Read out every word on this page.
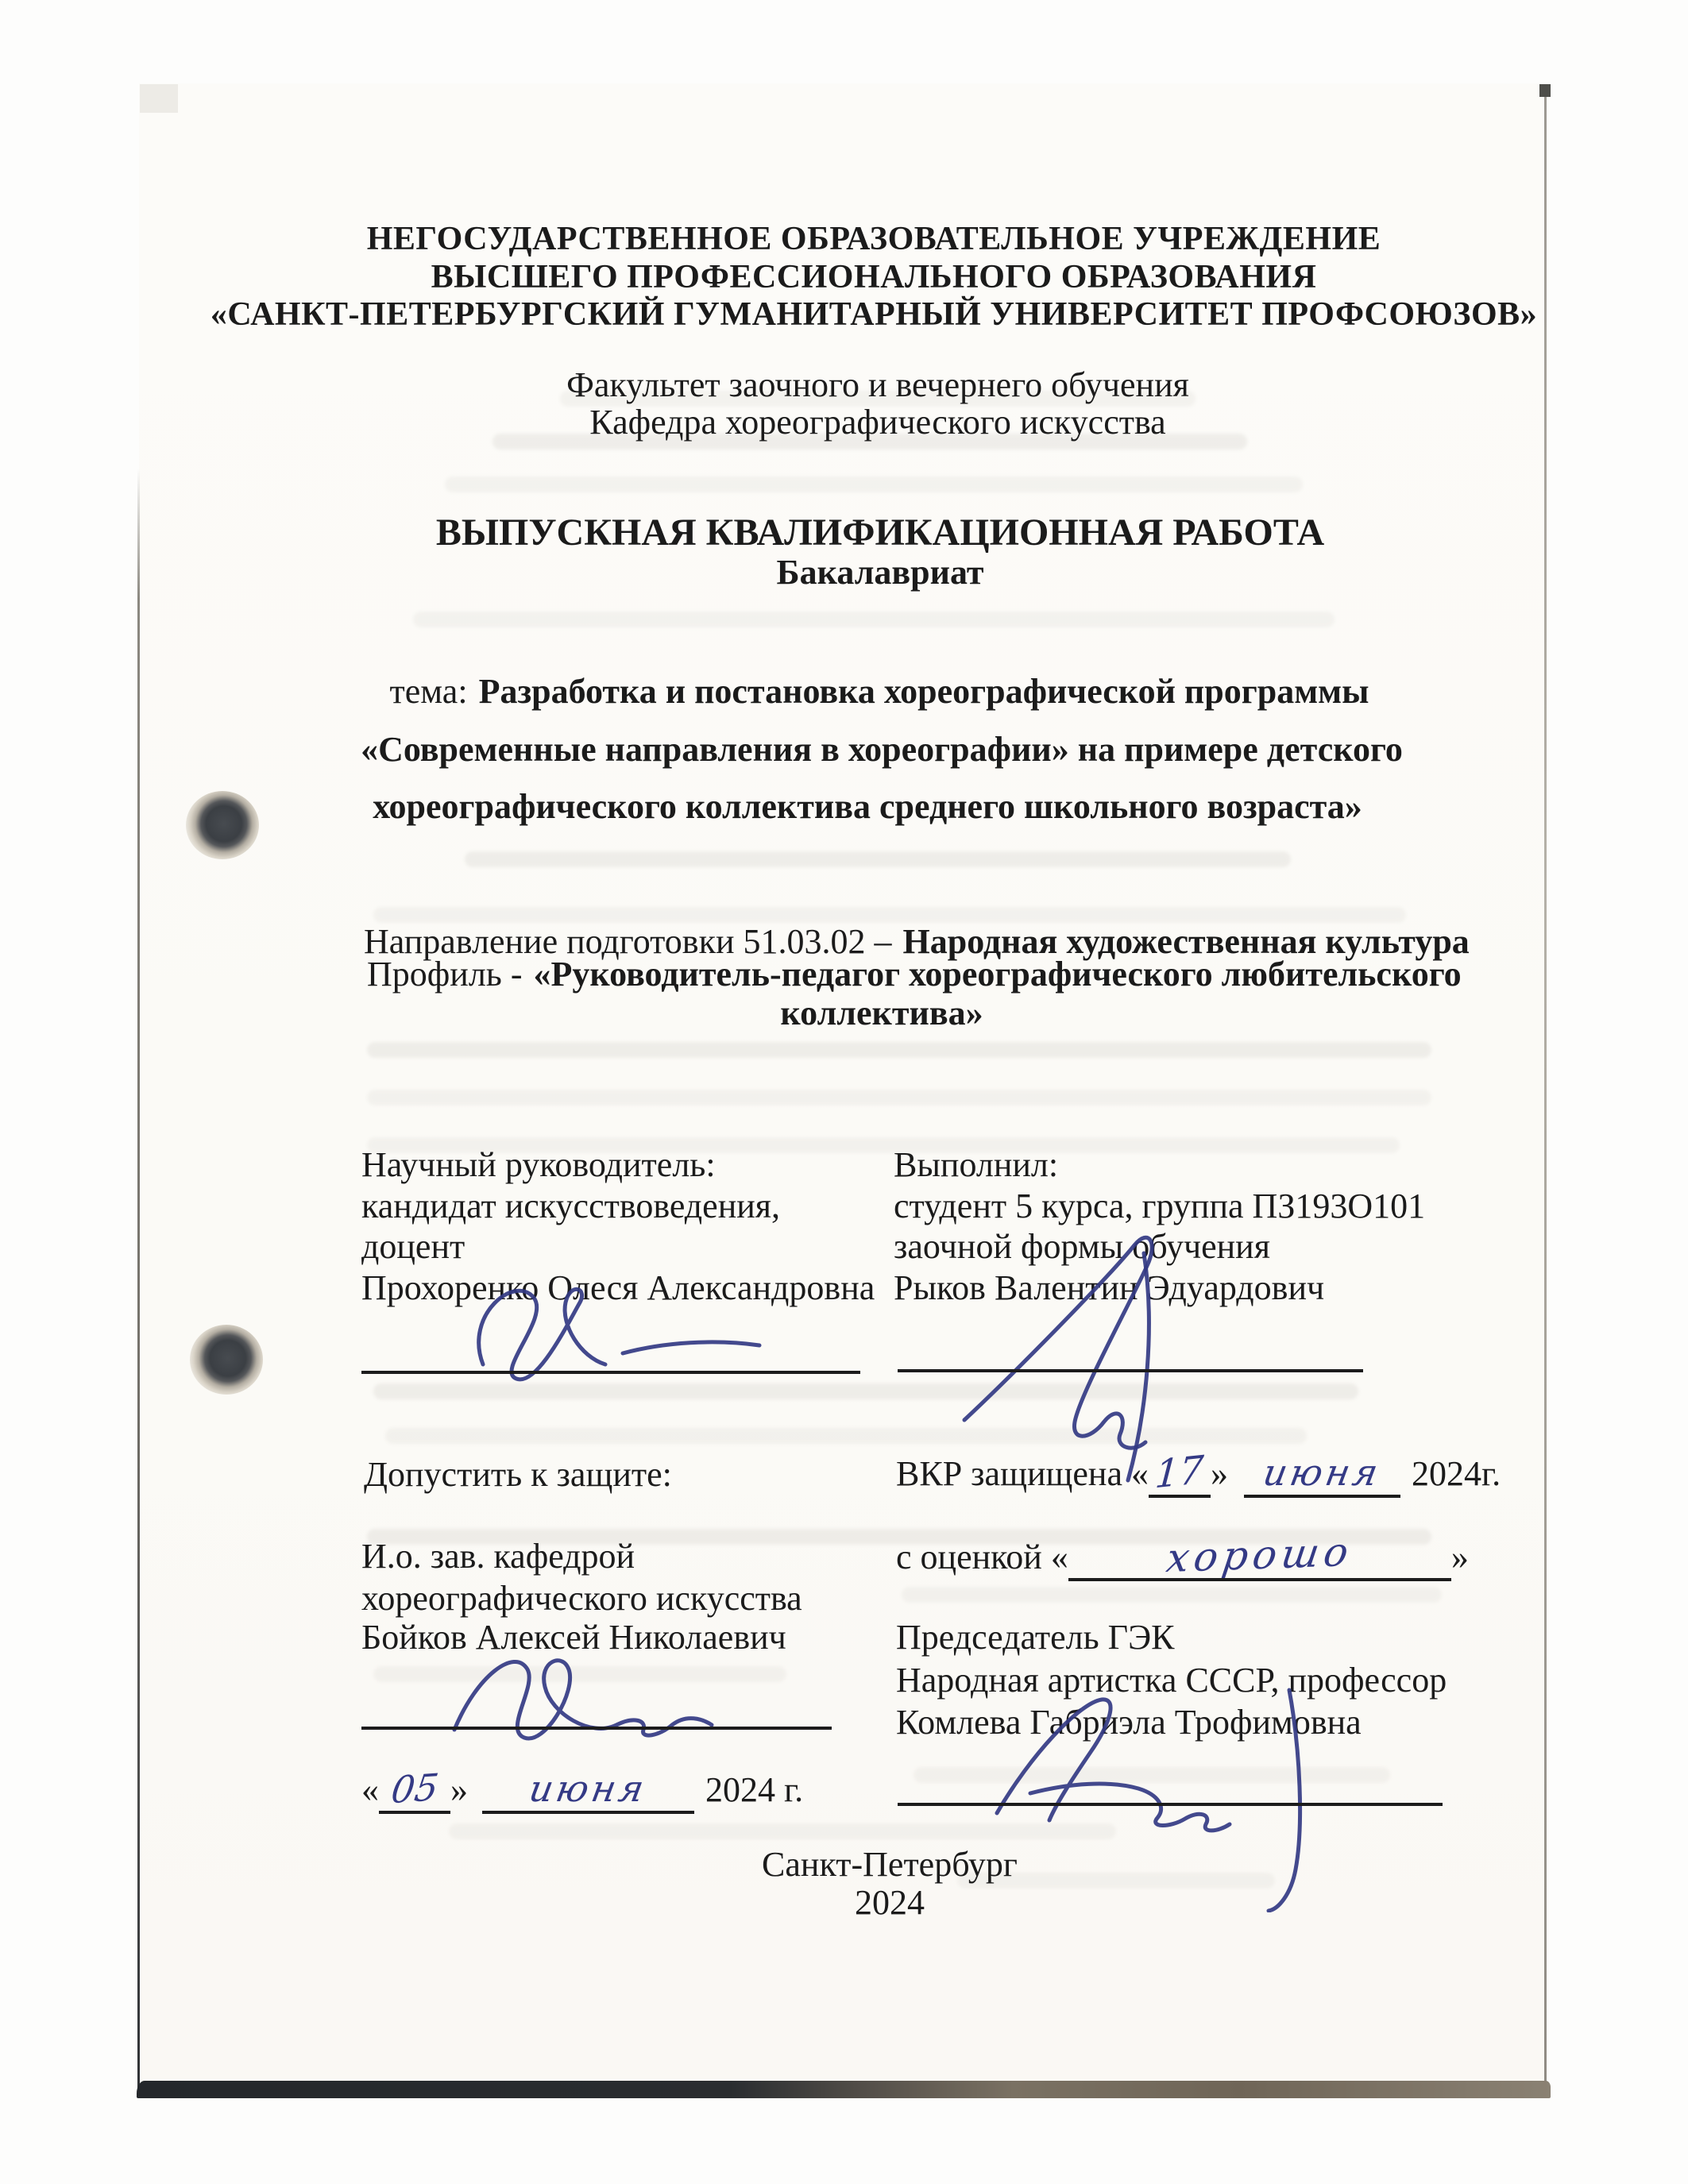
НЕГОСУДАРСТВЕННОЕ ОБРАЗОВАТЕЛЬНОЕ УЧРЕЖДЕНИЕ
ВЫСШЕГО ПРОФЕССИОНАЛЬНОГО ОБРАЗОВАНИЯ
«САНКТ-ПЕТЕРБУРГСКИЙ ГУМАНИТАРНЫЙ УНИВЕРСИТЕТ ПРОФСОЮЗОВ»
Факультет заочного и вечернего обучения
Кафедра хореографического искусства
ВЫПУСКНАЯ КВАЛИФИКАЦИОННАЯ РАБОТА
Бакалавриат
тема: Разработка и постановка хореографической программы
«Современные направления в хореографии» на примере детского
хореографического коллектива среднего школьного возраста»
Направление подготовки 51.03.02 – Народная художественная культура
Профиль - «Руководитель-педагог хореографического любительского
коллектива»
Научный руководитель:
кандидат искусствоведения,
доцент
Прохоренко Олеся Александровна
Выполнил:
студент 5 курса, группа ПЗ193О101
заочной формы обучения
Рыков Валентин Эдуардович
Допустить к защите:	ВКР защищена « 17 » июня 2024г.
И.о. зав. кафедрой	с оценкой «	хорошо	»
хореографического искусства
Бойков Алексей Николаевич	Председатель ГЭК
Народная артистка СССР, профессор
Комлева Габриэла Трофимовна
« 05 »	июня	2024 г.
Санкт-Петербург
2024
